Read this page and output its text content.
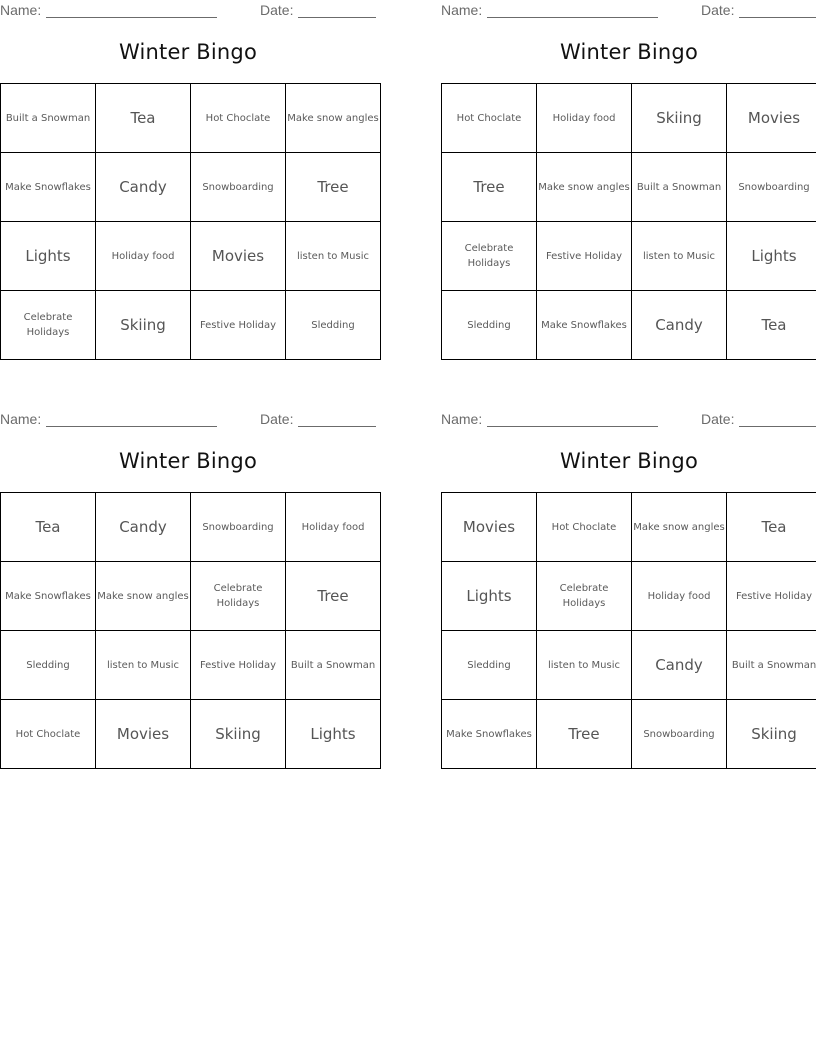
Name:	Date:
Winter Bingo
Built a Snowman	Tea	Hot Choclate	Make snow angles
Make Snowflakes	Candy	Snowboarding	Tree
Lights	Holiday food	Movies	listen to Music
Celebrate Holidays	Skiing	Festive Holiday	Sledding
Name:	Date:
Winter Bingo
Hot Choclate	Holiday food	Skiing	Movies
Tree	Make snow angles	Built a Snowman	Snowboarding
Celebrate Holidays	Festive Holiday	listen to Music	Lights
Sledding	Make Snowflakes	Candy	Tea
Name:	Date:
Winter Bingo
Tea	Candy	Snowboarding	Holiday food
Make Snowflakes	Make snow angles	Celebrate Holidays	Tree
Sledding	listen to Music	Festive Holiday	Built a Snowman
Hot Choclate	Movies	Skiing	Lights
Name:	Date:
Winter Bingo
Movies	Hot Choclate	Make snow angles	Tea
Lights	Celebrate Holidays	Holiday food	Festive Holiday
Sledding	listen to Music	Candy	Built a Snowman
Make Snowflakes	Tree	Snowboarding	Skiing
